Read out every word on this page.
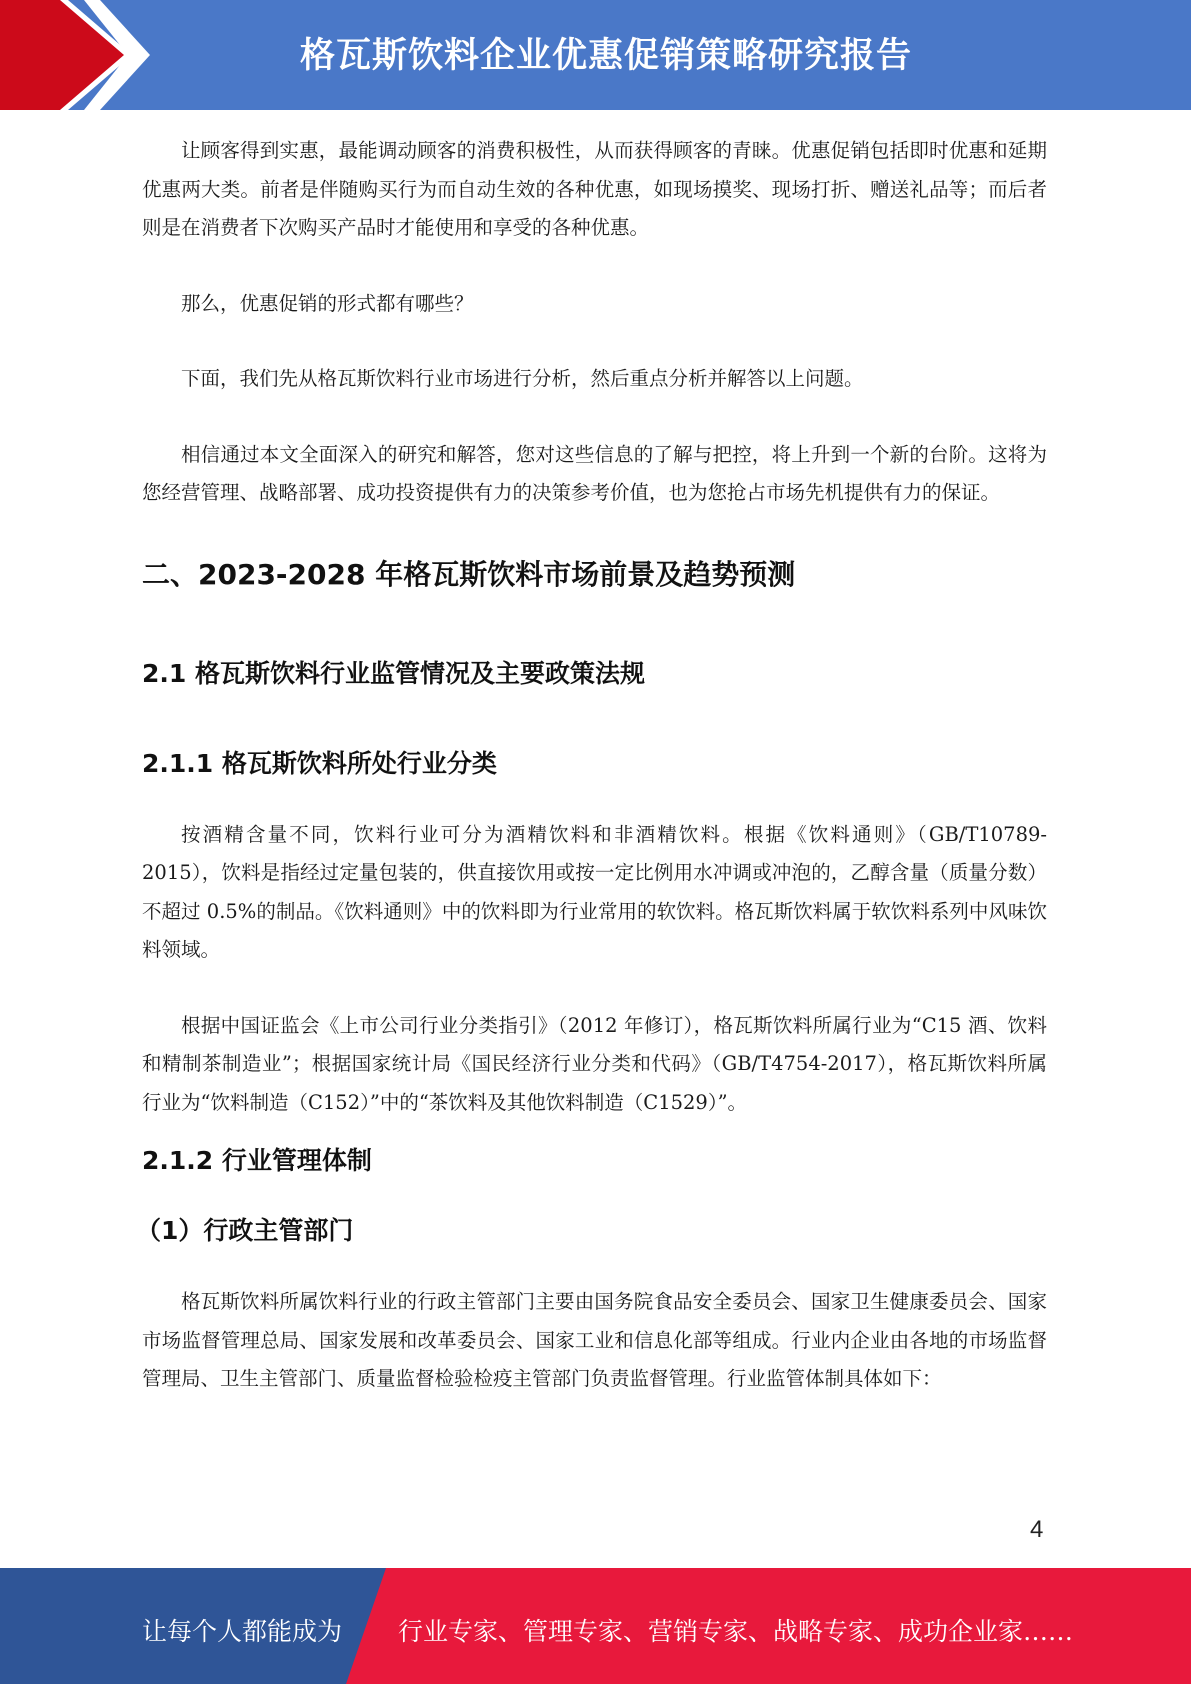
格瓦斯饮料企业优惠促销策略研究报告

让顾客得到实惠，最能调动顾客的消费积极性，从而获得顾客的青睐。优惠促销包括即时优惠和延期优惠两大类。前者是伴随购买行为而自动生效的各种优惠，如现场摸奖、现场打折、赠送礼品等；而后者则是在消费者下次购买产品时才能使用和享受的各种优惠。

那么，优惠促销的形式都有哪些？

下面，我们先从格瓦斯饮料行业市场进行分析，然后重点分析并解答以上问题。

相信通过本文全面深入的研究和解答，您对这些信息的了解与把控，将上升到一个新的台阶。这将为您经营管理、战略部署、成功投资提供有力的决策参考价值，也为您抢占市场先机提供有力的保证。

二、2023-2028 年格瓦斯饮料市场前景及趋势预测
2.1 格瓦斯饮料行业监管情况及主要政策法规
2.1.1 格瓦斯饮料所处行业分类

按酒精含量不同，饮料行业可分为酒精饮料和非酒精饮料。根据《饮料通则》（GB/T10789-2015），饮料是指经过定量包装的，供直接饮用或按一定比例用水冲调或冲泡的，乙醇含量（质量分数）不超过 0.5%的制品。《饮料通则》中的饮料即为行业常用的软饮料。格瓦斯饮料属于软饮料系列中风味饮料领域。

根据中国证监会《上市公司行业分类指引》（2012 年修订），格瓦斯饮料所属行业为“C15 酒、饮料和精制茶制造业”；根据国家统计局《国民经济行业分类和代码》（GB/T4754-2017），格瓦斯饮料所属行业为“饮料制造（C152）”中的“茶饮料及其他饮料制造（C1529）”。

2.1.2 行业管理体制
（1）行政主管部门

格瓦斯饮料所属饮料行业的行政主管部门主要由国务院食品安全委员会、国家卫生健康委员会、国家市场监督管理总局、国家发展和改革委员会、国家工业和信息化部等组成。行业内企业由各地的市场监督管理局、卫生主管部门、质量监督检验检疫主管部门负责监督管理。行业监管体制具体如下：

4
让每个人都能成为 行业专家、管理专家、营销专家、战略专家、成功企业家……
